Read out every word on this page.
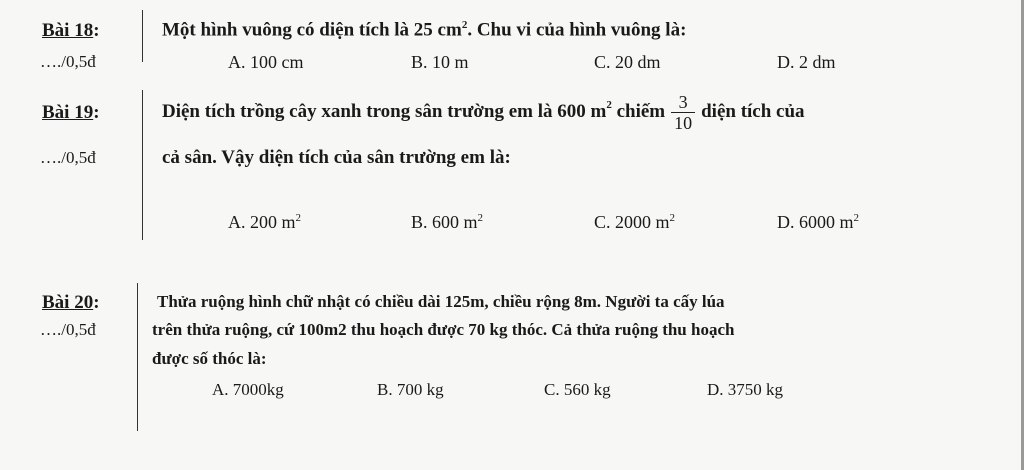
Bài 18:
…./0,5đ
Một hình vuông có diện tích là 25 $cm^2$. Chu vi của hình vuông là:
A. 100 cm	B. 10 m	C. 20 dm	D. 2 dm
Bài 19:
…./0,5đ
Diện tích trồng cây xanh trong sân trường em là 600 $m^2$ chiếm $\frac{3}{10}$ diện tích của
cả sân. Vậy diện tích của sân trường em là:
A. 200 $m^2$	B. 600 $m^2$	C. 2000 $m^2$	D. 6000 $m^2$
Bài 20:
…./0,5đ
Thửa ruộng hình chữ nhật có chiều dài 125m, chiều rộng 8m. Người ta cấy lúa
trên thửa ruộng, cứ 100m2 thu hoạch được 70 kg thóc. Cả thửa ruộng thu hoạch
được số thóc là:
A. 7000kg	B. 700 kg	C. 560 kg	D. 3750 kg
